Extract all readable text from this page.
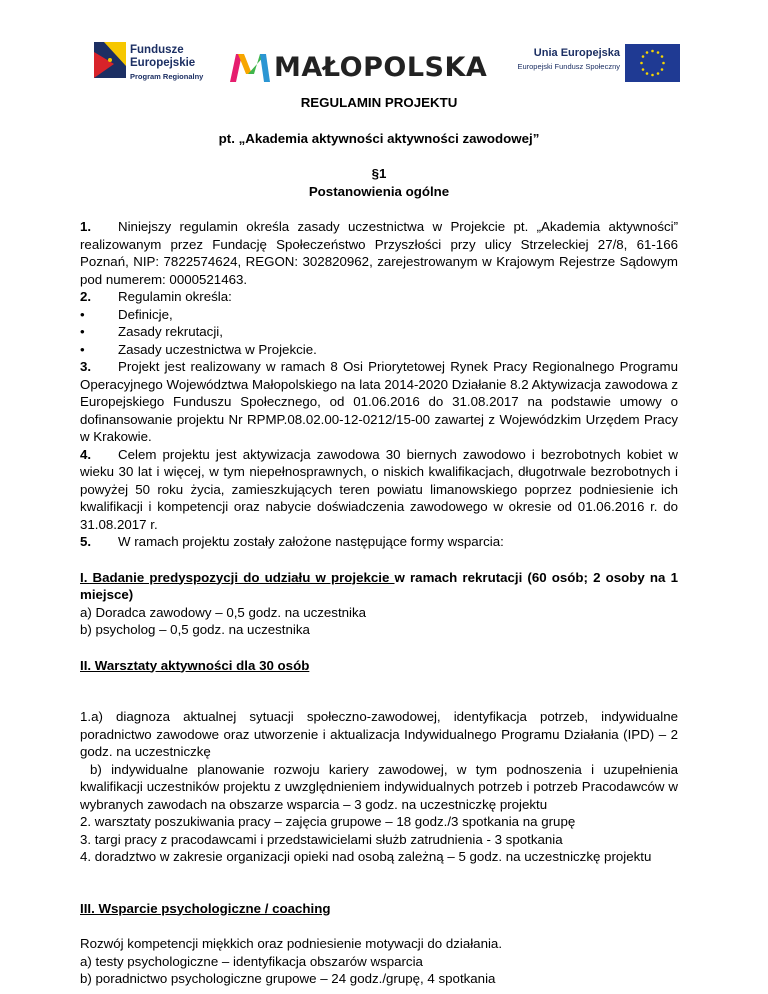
Fundusze
Europejskie
Program Regionalny	MAŁOPOLSKA	Unia Europejska
Europejski Fundusz Społeczny

REGULAMIN PROJEKTU

pt. „Akademia aktywności aktywności zawodowej”

§1

Postanowienia ogólne

1. Niniejszy regulamin określa zasady uczestnictwa w Projekcie pt. „Akademia aktywności” realizowanym przez Fundację Społeczeństwo Przyszłości przy ulicy Strzeleckiej 27/8, 61-166 Poznań, NIP: 7822574624, REGON: 302820962, zarejestrowanym w Krajowym Rejestrze Sądowym pod numerem: 0000521463.

2. Regulamin określa:

•	Definicje,

•	Zasady rekrutacji,

•	Zasady uczestnictwa w Projekcie.

3. Projekt jest realizowany w ramach 8 Osi Priorytetowej Rynek Pracy Regionalnego Programu Operacyjnego Województwa Małopolskiego na lata 2014-2020 Działanie 8.2 Aktywizacja zawodowa z Europejskiego Funduszu Społecznego, od 01.06.2016 do 31.08.2017 na podstawie umowy o dofinansowanie projektu Nr RPMP.08.02.00-12-0212/15-00 zawartej z Wojewódzkim Urzędem Pracy w Krakowie.

4. Celem projektu jest aktywizacja zawodowa 30 biernych zawodowo i bezrobotnych kobiet w wieku 30 lat i więcej, w tym niepełnosprawnych, o niskich kwalifikacjach, długotrwale bezrobotnych i powyżej 50 roku życia, zamieszkujących teren powiatu limanowskiego poprzez podniesienie ich kwalifikacji i kompetencji oraz nabycie doświadczenia zawodowego w okresie od 01.06.2016 r. do 31.08.2017 r.

5. W ramach projektu zostały założone następujące formy wsparcia:

I. Badanie predyspozycji do udziału w projekcie w ramach rekrutacji (60 osób; 2 osoby na 1 miejsce)

a) Doradca zawodowy – 0,5 godz. na uczestnika

b) psycholog – 0,5 godz. na uczestnika

II. Warsztaty aktywności dla 30 osób

1.a) diagnoza aktualnej sytuacji społeczno-zawodowej, identyfikacja potrzeb, indywidualne poradnictwo zawodowe oraz utworzenie i aktualizacja Indywidualnego Programu Działania (IPD) – 2 godz. na uczestniczkę

b) indywidualne planowanie rozwoju kariery zawodowej, w tym podnoszenia i uzupełnienia kwalifikacji uczestników projektu z uwzględnieniem indywidualnych potrzeb i potrzeb Pracodawców w wybranych zawodach na obszarze wsparcia – 3 godz. na uczestniczkę projektu

2. warsztaty poszukiwania pracy – zajęcia grupowe – 18 godz./3 spotkania na grupę

3. targi pracy z pracodawcami i przedstawicielami służb zatrudnienia - 3 spotkania

4. doradztwo w zakresie organizacji opieki nad osobą zależną – 5 godz. na uczestniczkę projektu

III. Wsparcie psychologiczne / coaching

Rozwój kompetencji miękkich oraz podniesienie motywacji do działania.

a) testy psychologiczne – identyfikacja obszarów wsparcia

b) poradnictwo psychologiczne grupowe – 24 godz./grupę, 4 spotkania
